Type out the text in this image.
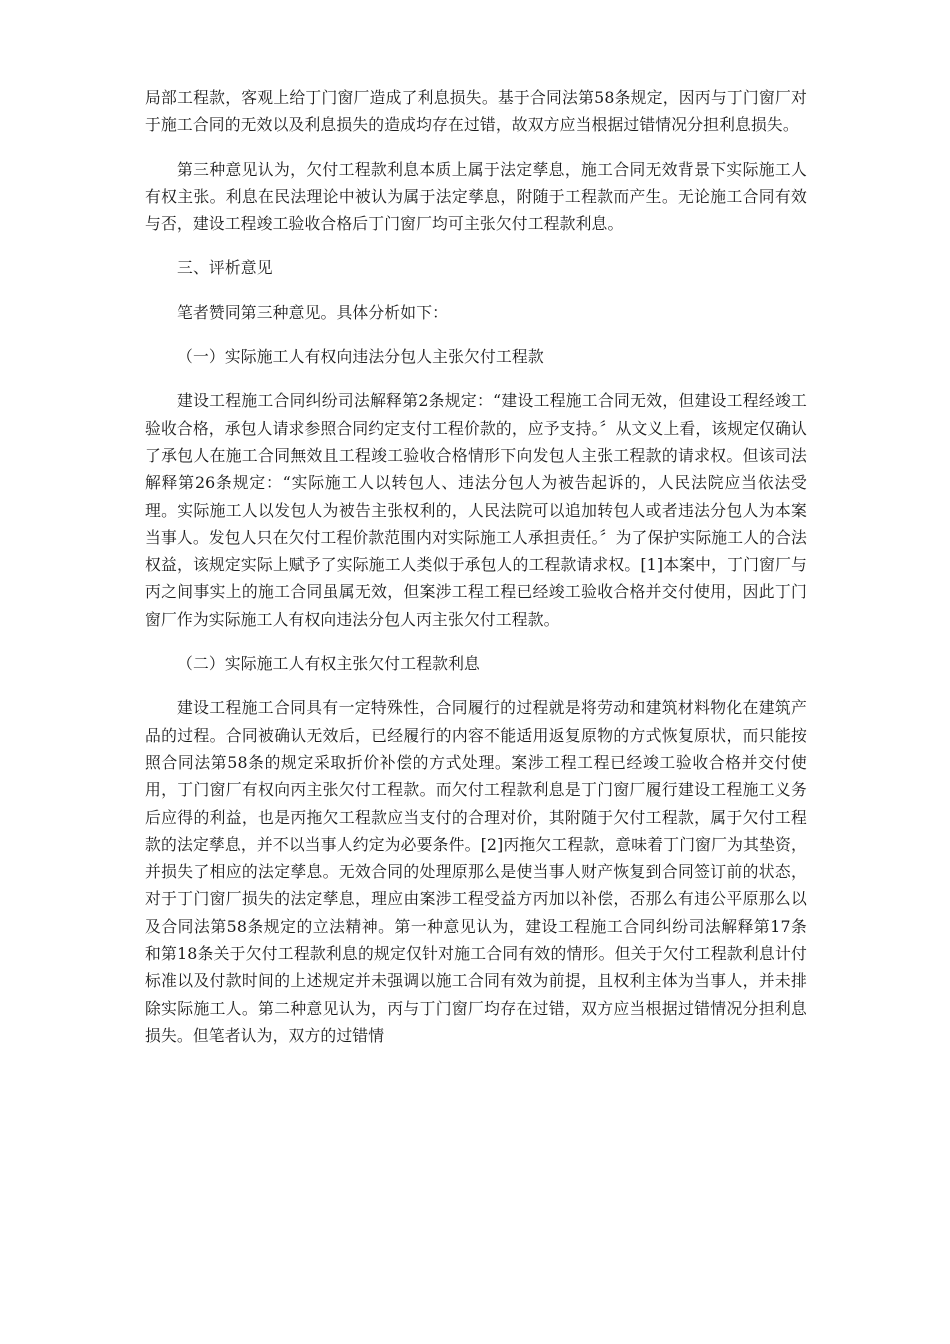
局部工程款，客观上给丁门窗厂造成了利息损失。基于合同法第58条规定，因丙与丁门窗厂对于施工合同的无效以及利息损失的造成均存在过错，故双方应当根据过错情况分担利息损失。

第三种意见认为，欠付工程款利息本质上属于法定孳息，施工合同无效背景下实际施工人有权主张。利息在民法理论中被认为属于法定孳息，附随于工程款而产生。无论施工合同有效与否，建设工程竣工验收合格后丁门窗厂均可主张欠付工程款利息。

三、评析意见

笔者赞同第三种意见。具体分析如下：

（一）实际施工人有权向违法分包人主张欠付工程款

建设工程施工合同纠纷司法解释第2条规定：“建设工程施工合同无效，但建设工程经竣工验收合格，承包人请求参照合同约定支付工程价款的，应予支持。〞从文义上看，该规定仅确认了承包人在施工合同無效且工程竣工验收合格情形下向发包人主张工程款的请求权。但该司法解释第26条规定：“实际施工人以转包人、违法分包人为被告起诉的，人民法院应当依法受理。实际施工人以发包人为被告主张权利的，人民法院可以追加转包人或者违法分包人为本案当事人。发包人只在欠付工程价款范围内对实际施工人承担责任。〞为了保护实际施工人的合法权益，该规定实际上赋予了实际施工人类似于承包人的工程款请求权。[1]本案中，丁门窗厂与丙之间事实上的施工合同虽属无效，但案涉工程工程已经竣工验收合格并交付使用，因此丁门窗厂作为实际施工人有权向违法分包人丙主张欠付工程款。

（二）实际施工人有权主张欠付工程款利息

建设工程施工合同具有一定特殊性，合同履行的过程就是将劳动和建筑材料物化在建筑产品的过程。合同被确认无效后，已经履行的内容不能适用返复原物的方式恢复原状，而只能按照合同法第58条的规定采取折价补偿的方式处理。案涉工程工程已经竣工验收合格并交付使用，丁门窗厂有权向丙主张欠付工程款。而欠付工程款利息是丁门窗厂履行建设工程施工义务后应得的利益，也是丙拖欠工程款应当支付的合理对价，其附随于欠付工程款，属于欠付工程款的法定孳息，并不以当事人约定为必要条件。[2]丙拖欠工程款，意味着丁门窗厂为其垫资，并损失了相应的法定孳息。无效合同的处理原那么是使当事人财产恢复到合同签订前的状态，对于丁门窗厂损失的法定孳息，理应由案涉工程受益方丙加以补偿，否那么有违公平原那么以及合同法第58条规定的立法精神。第一种意见认为，建设工程施工合同纠纷司法解释第17条和第18条关于欠付工程款利息的规定仅针对施工合同有效的情形。但关于欠付工程款利息计付标准以及付款时间的上述规定并未强调以施工合同有效为前提，且权利主体为当事人，并未排除实际施工人。第二种意见认为，丙与丁门窗厂均存在过错，双方应当根据过错情况分担利息损失。但笔者认为，双方的过错情
